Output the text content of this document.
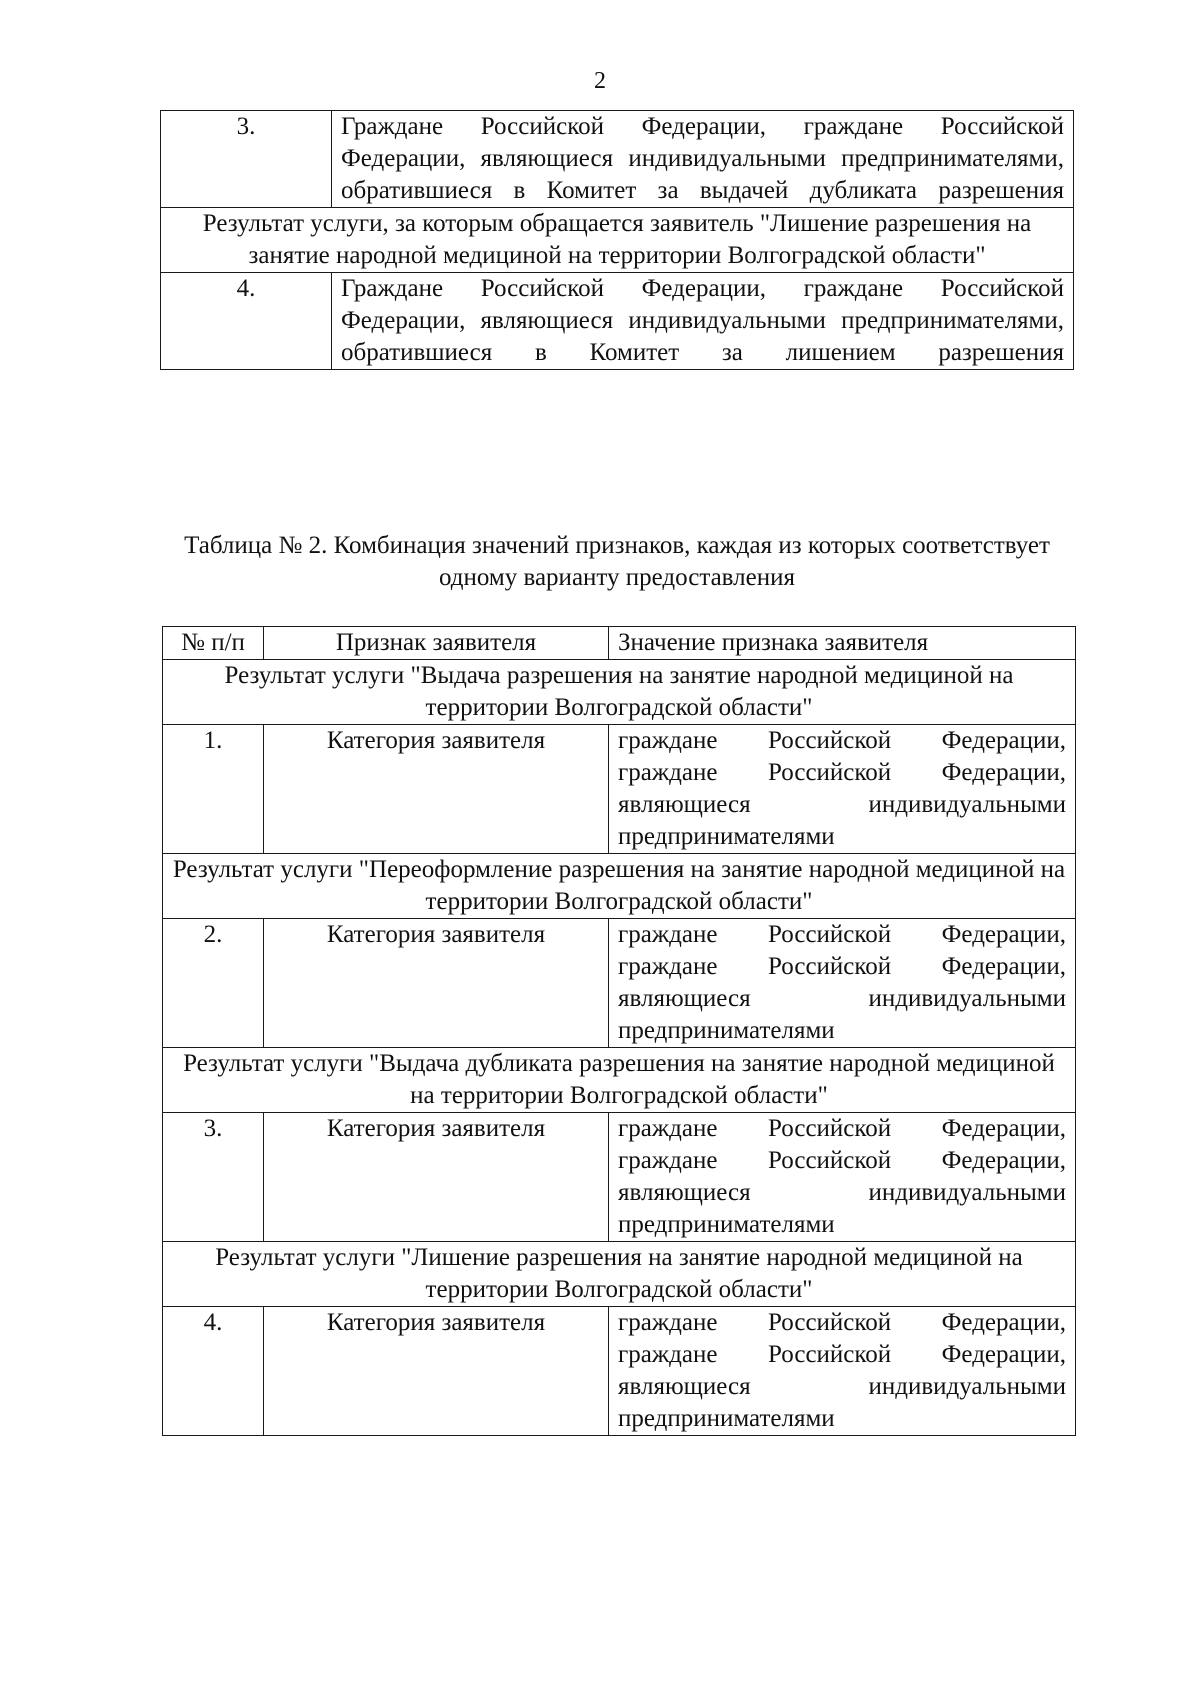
2
3.	Граждане Российской Федерации, граждане Российской Федерации, являющиеся индивидуальными предпринимателями, обратившиеся в Комитет за выдачей дубликата разрешения
Результат услуги, за которым обращается заявитель "Лишение разрешения на занятие народной медициной на территории Волгоградской области"	
4.	Граждане Российской Федерации, граждане Российской Федерации, являющиеся индивидуальными предпринимателями, обратившиеся в Комитет за лишением разрешения
Таблица № 2. Комбинация значений признаков, каждая из которых соответствует одному варианту предоставления
№ п/п	Признак заявителя	Значение признака заявителя
Результат услуги "Выдача разрешения на занятие народной медициной на территории Волгоградской области"		
1.	Категория заявителя	граждане Российской Федерации,
граждане Российской Федерации,
являющиеся индивидуальными
предпринимателями

Результат услуги "Переоформление разрешения на занятие народной медициной на территории Волгоградской области"		
2.	Категория заявителя	граждане Российской Федерации,
граждане Российской Федерации,
являющиеся индивидуальными
предпринимателями

Результат услуги "Выдача дубликата разрешения на занятие народной медициной на территории Волгоградской области"		
3.	Категория заявителя	граждане Российской Федерации,
граждане Российской Федерации,
являющиеся индивидуальными
предпринимателями

Результат услуги "Лишение разрешения на занятие народной медициной на территории Волгоградской области"		
4.	Категория заявителя	граждане Российской Федерации,
граждане Российской Федерации,
являющиеся индивидуальными
предпринимателями
